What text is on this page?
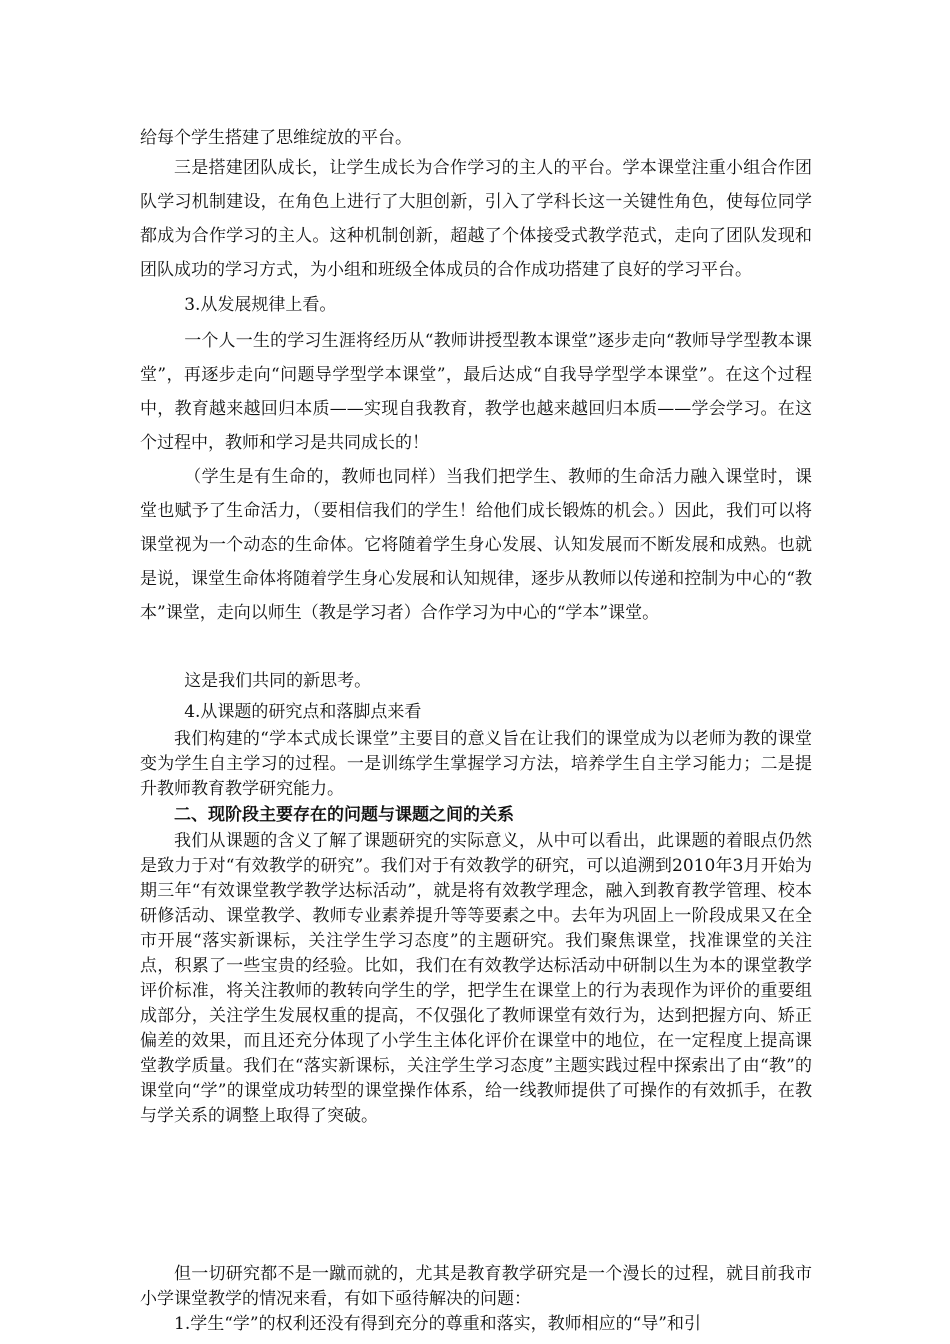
给每个学生搭建了思维绽放的平台。

三是搭建团队成长，让学生成长为合作学习的主人的平台。学本课堂注重小组合作团队学习机制建设，在角色上进行了大胆创新，引入了学科长这一关键性角色，使每位同学都成为合作学习的主人。这种机制创新，超越了个体接受式教学范式，走向了团队发现和团队成功的学习方式，为小组和班级全体成员的合作成功搭建了良好的学习平台。

3.从发展规律上看。

一个人一生的学习生涯将经历从“教师讲授型教本课堂”逐步走向“教师导学型教本课堂”，再逐步走向“问题导学型学本课堂”，最后达成“自我导学型学本课堂”。在这个过程中，教育越来越回归本质——实现自我教育，教学也越来越回归本质——学会学习。在这个过程中，教师和学习是共同成长的！

（学生是有生命的，教师也同样）当我们把学生、教师的生命活力融入课堂时，课堂也赋予了生命活力，（要相信我们的学生！给他们成长锻炼的机会。）因此，我们可以将课堂视为一个动态的生命体。它将随着学生身心发展、认知发展而不断发展和成熟。也就是说，课堂生命体将随着学生身心发展和认知规律，逐步从教师以传递和控制为中心的“教本”课堂，走向以师生（教是学习者）合作学习为中心的“学本”课堂。

这是我们共同的新思考。

4.从课题的研究点和落脚点来看

我们构建的“学本式成长课堂”主要目的意义旨在让我们的课堂成为以老师为教的课堂变为学生自主学习的过程。一是训练学生掌握学习方法，培养学生自主学习能力；二是提升教师教育教学研究能力。

二、现阶段主要存在的问题与课题之间的关系

我们从课题的含义了解了课题研究的实际意义，从中可以看出，此课题的着眼点仍然是致力于对“有效教学的研究”。我们对于有效教学的研究，可以追溯到2010年3月开始为期三年“有效课堂教学教学达标活动”，就是将有效教学理念，融入到教育教学管理、校本研修活动、课堂教学、教师专业素养提升等等要素之中。去年为巩固上一阶段成果又在全市开展“落实新课标，关注学生学习态度”的主题研究。我们聚焦课堂，找准课堂的关注点，积累了一些宝贵的经验。比如，我们在有效教学达标活动中研制以生为本的课堂教学评价标准，将关注教师的教转向学生的学，把学生在课堂上的行为表现作为评价的重要组成部分，关注学生发展权重的提高，不仅强化了教师课堂有效行为，达到把握方向、矫正偏差的效果，而且还充分体现了小学生主体化评价在课堂中的地位，在一定程度上提高课堂教学质量。我们在“落实新课标，关注学生学习态度”主题实践过程中探索出了由“教”的课堂向“学”的课堂成功转型的课堂操作体系，给一线教师提供了可操作的有效抓手，在教与学关系的调整上取得了突破。

但一切研究都不是一蹴而就的，尤其是教育教学研究是一个漫长的过程，就目前我市小学课堂教学的情况来看，有如下亟待解决的问题：

1.学生“学”的权利还没有得到充分的尊重和落实，教师相应的“导”和引
